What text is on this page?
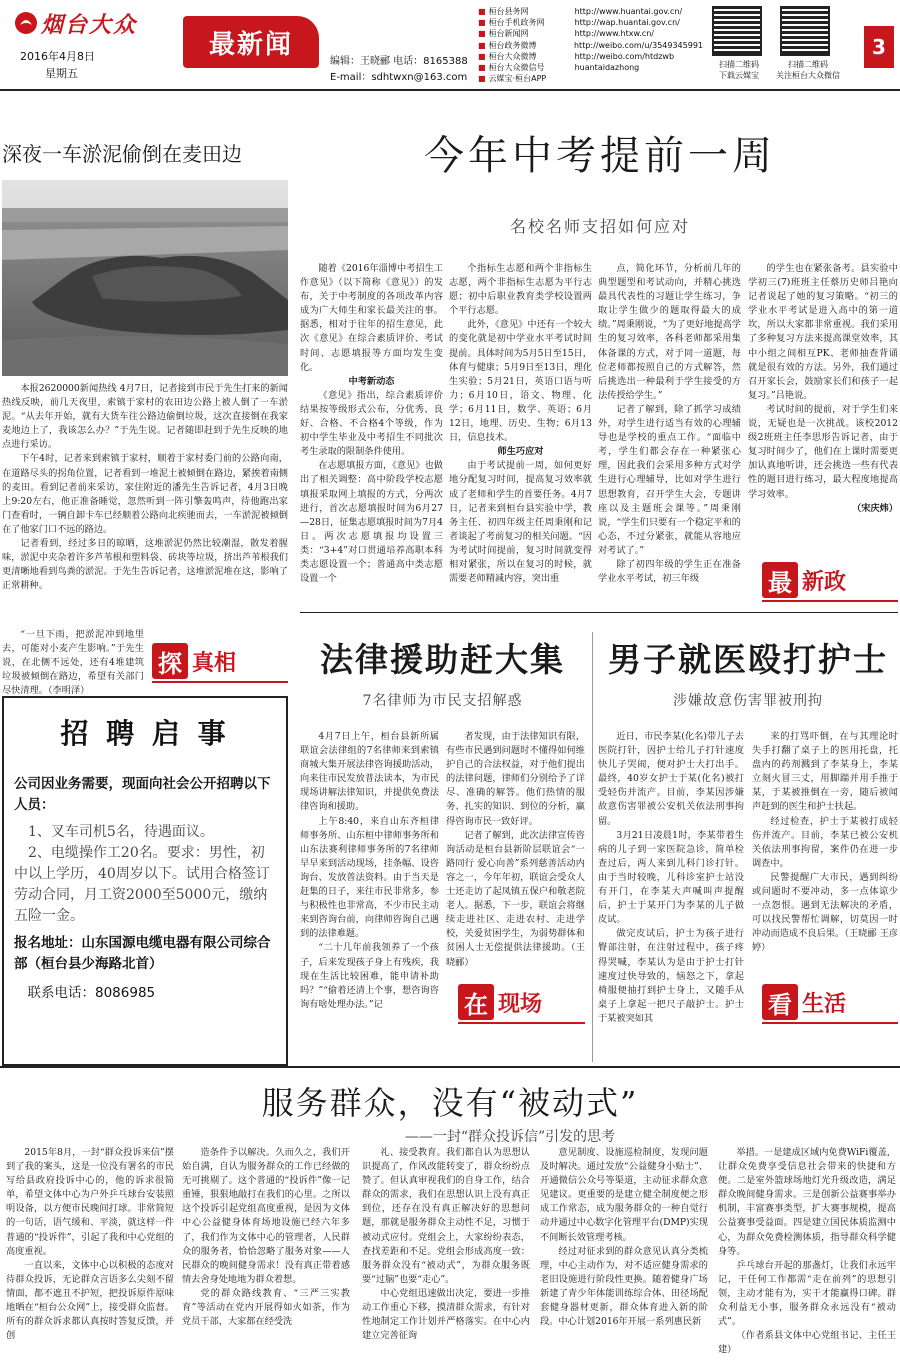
烟台大众
2016年4月8日
星期五
最新闻
编辑：王晓郦 电话：8165388
E-mail：sdhtwxn@163.com
■ 桓台县务网	http://www.huantai.gov.cn/
■ 桓台手机政务网	http://wap.huantai.gov.cn/
■ 桓台新闻网	http://www.htxw.cn/
■ 桓台政务微博	http://weibo.com/u/3549345991
■ 桓台大众微博	http://weibo.com/htdzwb
■ 桓台大众微信号	huantaidazhong
■ 云媒宝·桓台APP
扫描二维码
下载云媒宝
扫描二维码
关注桓台大众微信
3
深夜一车淤泥偷倒在麦田边

本报2620000新闻热线 4月7日，记者接到市民于先生打来的新闻热线反映，前几天夜里，索镇于家村的农田边公路上被人倒了一车淤泥。“从去年开始，就有大货车往公路边偷倒垃圾，这次直接倒在我家麦地边上了，我该怎么办？”于先生说。记者随即赶到于先生反映的地点进行采访。

下午4时，记者来到索镇于家村，顺着于家村委门前的公路向南，在道路尽头的拐角位置，记者看到一堆泥土被倾倒在路边，紧挨着南侧的麦田。看到记者前来采访，家住附近的潘先生告诉记者，4月3日晚上9:20左右，他正准备睡觉，忽然听到一阵引擎轰鸣声，待他跑出家门查看时，一辆自卸卡车已经顺着公路向北疾驰而去，一车淤泥被倾倒在了他家门口不远的路边。

记者看到，经过多日的晾晒，这堆淤泥仍然比较潮湿，散发着腥味，淤泥中夹杂着许多芦苇根和塑料袋、砖块等垃圾，挤出芦苇根我们更清晰地看到鸟粪的淤泥。于先生告诉记者，这堆淤泥堆在这，影响了正常耕种。

“一旦下雨，把淤泥冲到地里去，可能对小麦产生影响。”于先生说，在北侧不远处，还有4堆建筑垃圾被倾倒在路边，希望有关部门尽快清理。（李明泽）

探 真相
招 聘 启 事
公司因业务需要，现面向社会公开招聘以下人员：
1、叉车司机5名，待遇面议。
2、电缆操作工20名。要求：男性，初中以上学历，40周岁以下。试用合格签订劳动合同，月工资2000至5000元，缴纳五险一金。
报名地址：山东国源电缆电器有限公司综合部（桓台县少海路北首）
联系电话：8086985
今年中考提前一周
名校名师支招如何应对

随着《2016年淄博中考招生工作意见》（以下简称《意见》）的发布，关于中考制度的各项改革内容成为广大师生和家长最关注的事。据悉，相对于往年的招生意见，此次《意见》在综合素质评价、考试时间、志愿填报等方面均发生变化。

中考新动态

《意见》指出，综合素质评价结果按等级形式公布，分优秀、良好、合格、不合格4个等级，作为初中学生毕业及中考招生不同批次考生录取的限制条件使用。

在志愿填报方面，《意见》也做出了相关调整：高中阶段学校志愿填报采取网上填报的方式，分两次进行，首次志愿填报时间为6月27—28日，征集志愿填报时间为7月4日。两次志愿填报均设置三类：“3+4”对口贯通培养高职本科类志愿设置一个；普通高中类志愿设置一个

个指标生志愿和两个非指标生志愿，两个非指标生志愿为平行志愿；初中后职业教育类学校设置两个平行志愿。

此外，《意见》中还有一个较大的变化就是初中学业水平考试时间提前。具体时间为5月5日至15日，体育与健康；5月9日至13日，理化生实验；5月21日，英语口语与听力；6月10日，语文、物理、化学；6月11日，数学、英语；6月12日，地理、历史、生物；6月13日，信息技术。

师生巧应对

由于考试提前一周，如何更好地分配复习时间，提高复习效率就成了老师和学生的首要任务。4月7日，记者来到桓台县实验中学，教务主任、初四年级主任周秉刚和记者谈起了考前复习的相关问题。“因为考试时间提前，复习时间就变得相对紧张，所以在复习的时候，就需要老师精减内容，突出重

点，简化环节，分析前几年的典型题型和考试动向，并精心挑选最具代表性的习题让学生练习，争取让学生做少的题取得最大的成绩。”周秉刚说，“为了更好地提高学生的复习效率，各科老师都采用集体备课的方式，对于同一道题，每位老师都按照自己的方式解答，然后挑选出一种最利于学生接受的方法传授给学生。”

记者了解到，除了抓学习成绩外，对学生进行适当有效的心理辅导也是学校的重点工作。“面临中考，学生们都会存在一种紧张心理，因此我们会采用多种方式对学生进行心理辅导，比如对学生进行思想教育，召开学生大会，专题讲座以及主题班会课等。”周秉刚说，“学生们只要有一个稳定平和的心态，不过分紧张，就能从容地应对考试了。”

除了初四年级的学生正在准备学业水平考试，初三年级

的学生也在紧张备考。县实验中学初三(7)班班主任蔡历史师吕艳向记者说起了她的复习策略。“初三的学业水平考试是进入高中的第一道坎，所以大家都非常重视。我们采用了多种复习方法来提高课堂效率，其中小组之间相互PK、老师抽查背诵就是很有效的方法。另外，我们通过召开家长会，鼓励家长们和孩子一起复习。”吕艳说。

考试时间的提前，对于学生们来说，无疑也是一次挑战。该校2012级2班班主任李思形告诉记者，由于复习时间少了，他们在上课时需要更加认真地听讲，还会挑选一些有代表性的题目进行练习，最大程度地提高学习效率。

（宋庆炜）

最 新政
法律援助赶大集
7名律师为市民支招解惑

4月7日上午，桓台县新所属联谊会法律组的7名律师来到索镇商城大集开展法律咨询援助活动，向来往市民发放普法读本，为市民现场讲解法律知识，并提供免费法律咨询和援助。

上午8:40，来自山东齐桓律师事务所、山东桓中律师事务所和山东法赛利律师事务所的7名律师早早来到活动现场，挂条幅、设咨询台、发放普法资料。由于当天是赶集的日子，来往市民非常多，参与积极性也非常高，不少市民主动来到咨询台前，向律师咨询自己遇到的法律难题。

“二十几年前我领养了一个孩子，后来发现孩子身上有残疾，我现在生活比较困难，能申请补助吗？”“偷着还清上个事，想咨询咨询有啥处理办法。”记

者发现，由于法律知识有限，有些市民遇到问题时不懂得如何维护自己的合法权益，对于他们提出的法律问题，律师们分别给予了详尽、准确的解答。他们热情的服务、扎实的知识、到位的分析，赢得咨询市民一致好评。

记者了解到，此次法律宣传咨询活动是桓台县新阶层联谊会“一路同行 爱心向善”系列慈善活动内容之一，今年年初，联谊会受众人士还走访了起凤镇五保户和敬老院老人。据悉，下一步，联谊会将继续走进社区、走进农村、走进学校，关爱贫困学生，为弱势群体和贫困人士无偿提供法律援助。（王晓郦）

在 现场
男子就医殴打护士
涉嫌故意伤害罪被刑拘

近日，市民李某(化名)带儿子去医院打针，因护士给儿子打针速度快儿子哭闹，便对护士大打出手。最终，40岁女护士于某(化名)被打受轻伤并流产。目前，李某因涉嫌故意伤害罪被公安机关依法刑事拘留。

3月21日凌晨1时，李某带着生病的儿子到一家医院急诊，简单检查过后，两人来到儿科门诊打针。由于当时较晚，儿科诊室护士站没有开门，在李某大声喊叫声提醒后，护士于某开门为李某的儿子做皮试。

做完皮试后，护士为孩子进行臀部注射，在注射过程中，孩子疼得哭喊，李某认为是由于护士打针速度过快导致的，恼怒之下，拿起椅服便抽打到护士身上，又随手从桌子上拿起一把尺子敲护士。护士于某被突如其

来的打骂吓倒，在与其理论时失手打翻了桌子上的医用托盘，托盘内的药剂溅到了李某身上，李某立刻火冒三丈，用脚踹并用手推于某，于某被推倒在一旁，随后被闻声赶到的医生和护士扶起。

经过检查，护士于某被打成轻伤并流产。目前，李某已被公安机关依法刑事拘留，案件仍在进一步调查中。

民警提醒广大市民，遇到纠纷或问题时不要冲动，多一点体谅少一点怨恨。遇到无法解决的矛盾，可以找民警帮忙调解，切莫因一时冲动而造成不良后果。（王晓郦 王彦婷）

看 生活
服务群众，没有“被动式”
——一封“群众投诉信”引发的思考

2015年8月，一封“群众投诉来信”摆到了我的案头，这是一位没有署名的市民写给县政府投诉中心的，他的诉求很简单，希望文体中心为户外乒乓球台安装照明设备，以方便市民晚间打球。非常简短的一句话，语气缓和、平淡，就这样一件普通的“投诉件”，引起了我和中心党组的高度重视。

一直以来，文体中心以积极的态度对待群众投诉，无论群众言语多么尖刻不留情面，都不遮丑不护短，把投诉原件原味地晒在“桓台公众网”上，接受群众监督。所有的群众诉求都认真按时答复反馈，并创

造条件予以解决。久而久之，我们开始自满，自认为服务群众的工作已经做的无可挑剔了。这个普通的“投诉件”像一记重锤，狠狠地敲打在我们的心里。之所以这个投诉引起党组高度重视，是因为文体中心公益健身体育场地设施已经六年多了，我们作为文体中心的管理者，人民群众的服务者，恰恰忽略了服务对象——人民群众的晚间健身需求！没有真正带着感情去舍身处地地为群众着想。

党的群众路线教育、“三严三实教育”等活动在党内开展得如火如荼，作为党员干部，大家都在经受洗

礼、接受教育。我们都自认为思想认识提高了，作风改能转变了，群众纷纷点赞了。但认真审视我们的自身工作，结合群众的需求，我们在思想认识上没有真正到位，还存在没有真正解决好的思想问题，那就是服务群众主动性不足，习惯于被动式应付。党组会上，大家纷纷表态，查找差距和不足。党组会形成高度一致：服务群众没有“被动式”，为群众服务既要“过脑”也要“走心”。

中心党组迅速做出决定，要进一步推动工作重心下移，摸清群众需求，有针对性地制定工作计划并严格落实。在中心内建立完善征询

意见制度、设施巡检制度，发现问题及时解决。通过发放“公益健身小贴士”、开通微信公众号等渠道，主动征求群众意见建议。更重要的是建立健全制度便之形成工作常态，成为服务群众的一种自觉行动并通过中心数字化管理平台(DMP)实现不间断长效管理考核。

经过对征求到的群众意见认真分类梳理，中心主动作为，对不适应健身需求的老旧设施进行阶段性更换。随着健身广场新建了青少年体能训练综合体、田径场配套健身器材更新，群众体育进入新的阶段。中心计划2016年开展一系列惠民新

举措。一是建成区域内免费WiFi覆盖，让群众免费享受信息社会带来的快捷和方便。二是室外篮球场地灯光升级改造，满足群众晚间健身需求。三是创新公益赛事举办机制，丰富赛事类型，扩大赛事规模，提高公益赛事受益面。四是建立国民体质监测中心，为群众免费检测体质，指导群众科学健身等。

乒乓球台开起的那盏灯，让我们永远牢记，干任何工作都需“走在前列”的思想引领，主动才能有为，实干才能赢得口碑。群众利益无小事，服务群众永远没有“被动式”。

（作者系县文体中心党组书记、主任王建）
